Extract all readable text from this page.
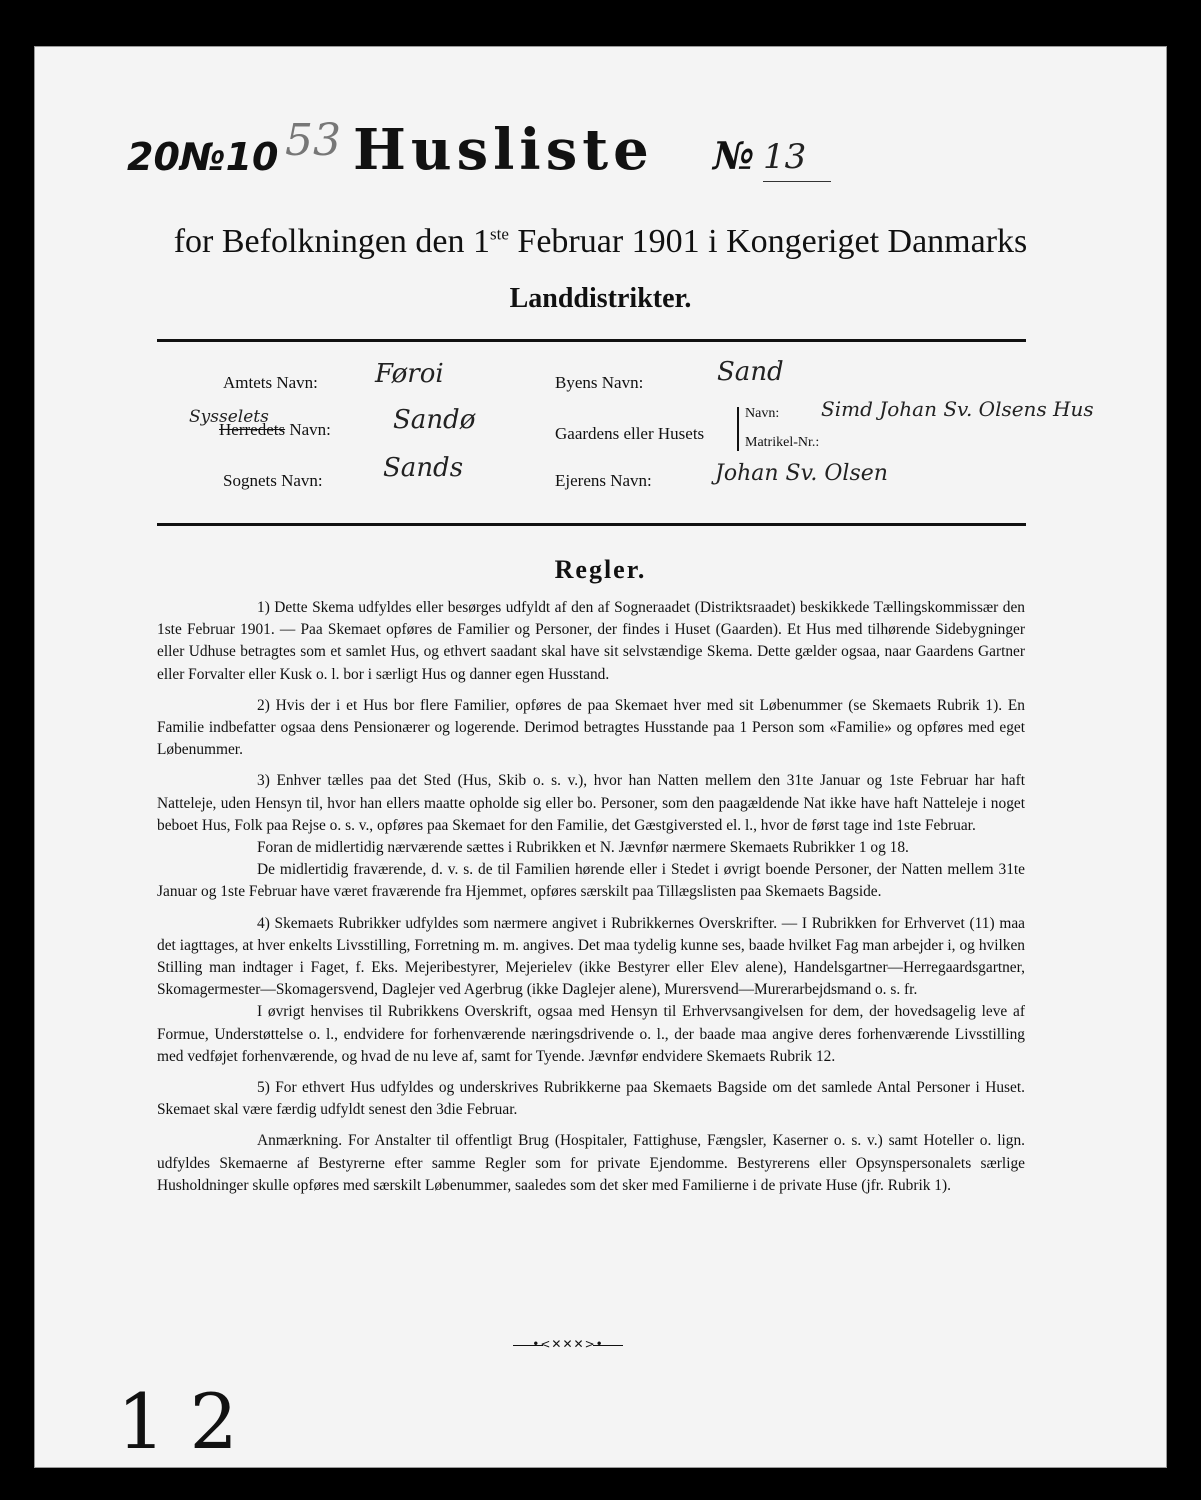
20№10 53 Husliste № 13
for Befolkningen den 1ste Februar 1901 i Kongeriget Danmarks
Landdistrikter.
Amtets Navn: Føroi
Sysselets
Herredets Navn: Sandø
Sognets Navn: Sands
Byens Navn:	Sand
Gaardens eller Husets
Navn: Simd Johan Sv. Olsens Hus
Matrikel-Nr.:
Ejerens Navn:	Johan Sv. Olsen
Regler.

1) Dette Skema udfyldes eller besørges udfyldt af den af Sogneraadet (Distriktsraadet) beskikkede Tællingskommissær den 1ste Februar 1901. — Paa Skemaet opføres de Familier og Personer, der findes i Huset (Gaarden). Et Hus med tilhørende Sidebygninger eller Udhuse betragtes som et samlet Hus, og ethvert saadant skal have sit selvstændige Skema. Dette gælder ogsaa, naar Gaardens Gartner eller Forvalter eller Kusk o. l. bor i særligt Hus og danner egen Husstand.

2) Hvis der i et Hus bor flere Familier, opføres de paa Skemaet hver med sit Løbenummer (se Skemaets Rubrik 1). En Familie indbefatter ogsaa dens Pensionærer og logerende. Derimod betragtes Husstande paa 1 Person som «Familie» og opføres med eget Løbenummer.

3) Enhver tælles paa det Sted (Hus, Skib o. s. v.), hvor han Natten mellem den 31te Januar og 1ste Februar har haft Natteleje, uden Hensyn til, hvor han ellers maatte opholde sig eller bo. Personer, som den paagældende Nat ikke have haft Natteleje i noget beboet Hus, Folk paa Rejse o. s. v., opføres paa Skemaet for den Familie, det Gæstgiversted el. l., hvor de først tage ind 1ste Februar.

Foran de midlertidig nærværende sættes i Rubrikken et N. Jævnfør nærmere Skemaets Rubrikker 1 og 18.

De midlertidig fraværende, d. v. s. de til Familien hørende eller i Stedet i øvrigt boende Personer, der Natten mellem 31te Januar og 1ste Februar have været fraværende fra Hjemmet, opføres særskilt paa Tillægslisten paa Skemaets Bagside.

4) Skemaets Rubrikker udfyldes som nærmere angivet i Rubrikkernes Overskrifter. — I Rubrikken for Erhvervet (11) maa det iagttages, at hver enkelts Livsstilling, Forretning m. m. angives. Det maa tydelig kunne ses, baade hvilket Fag man arbejder i, og hvilken Stilling man indtager i Faget, f. Eks. Mejeribestyrer, Mejerielev (ikke Bestyrer eller Elev alene), Handelsgartner—Herregaardsgartner, Skomagermester—Skomagersvend, Daglejer ved Agerbrug (ikke Daglejer alene), Murersvend—Murerarbejdsmand o. s. fr.

I øvrigt henvises til Rubrikkens Overskrift, ogsaa med Hensyn til Erhvervsangivelsen for dem, der hovedsagelig leve af Formue, Understøttelse o. l., endvidere for forhenværende næringsdrivende o. l., der baade maa angive deres forhenværende Livsstilling med vedføjet forhenværende, og hvad de nu leve af, samt for Tyende. Jævnfør endvidere Skemaets Rubrik 12.

5) For ethvert Hus udfyldes og underskrives Rubrikkerne paa Skemaets Bagside om det samlede Antal Personer i Huset. Skemaet skal være færdig udfyldt senest den 3die Februar.

Anmærkning. For Anstalter til offentligt Brug (Hospitaler, Fattighuse, Fængsler, Kaserner o. s. v.) samt Hoteller o. lign. udfyldes Skemaerne af Bestyrerne efter samme Regler som for private Ejendomme. Bestyrerens eller Opsynspersonalets særlige Husholdninger skulle opføres med særskilt Løbenummer, saaledes som det sker med Familierne i de private Huse (jfr. Rubrik 1).

•<✕✕✕>•
1 2
